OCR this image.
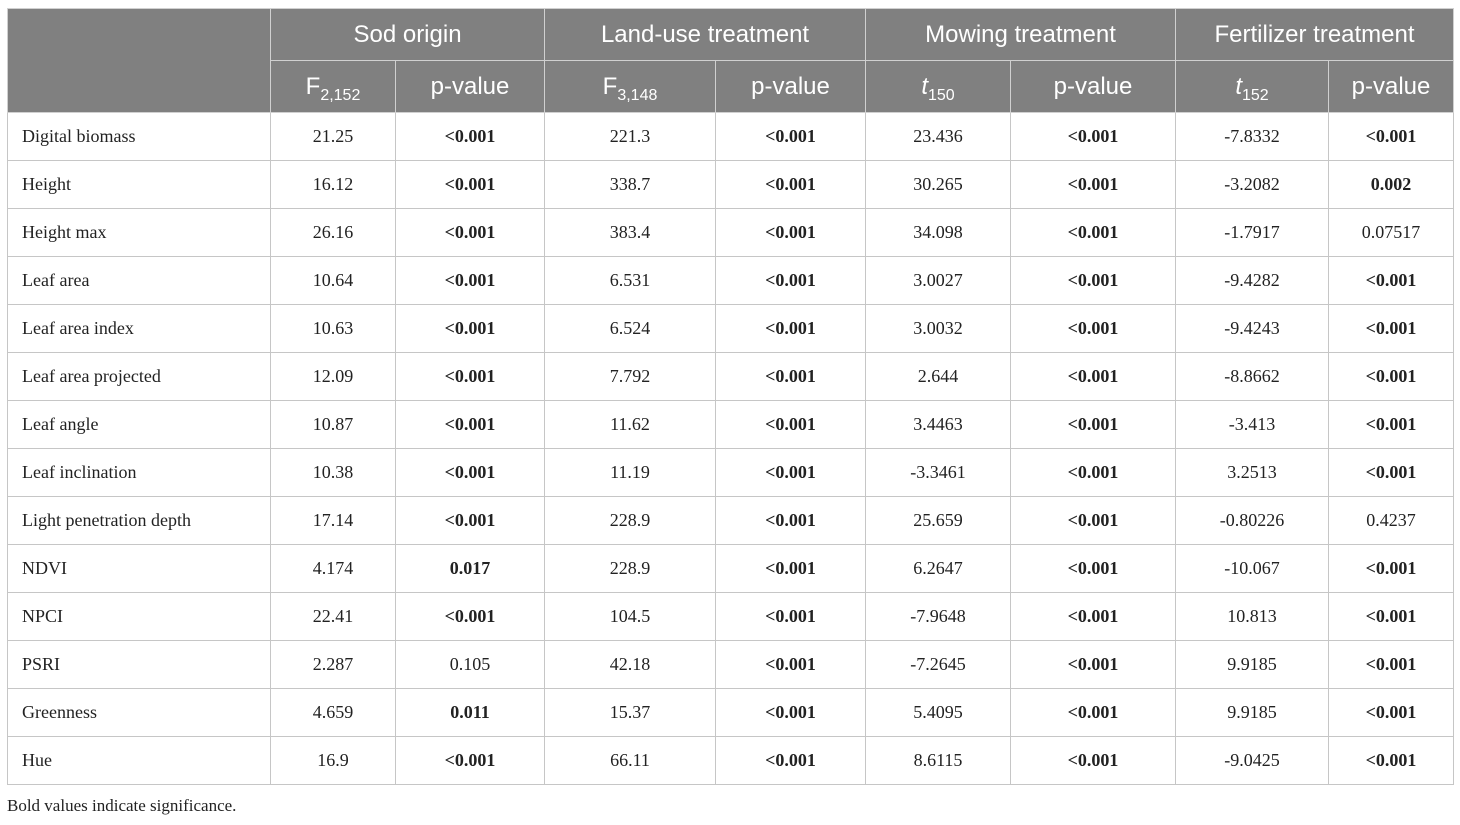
	Sod origin		Land-use treatment		Mowing treatment		Fertilizer treatment	
	$F_{2,152}$	p-value	$F_{3,148}$	p-value	$t_{150}$	p-value	$t_{152}$	p-value
Digital biomass	21.25	<0.001	221.3	<0.001	23.436	<0.001	-7.8332	<0.001
Height	16.12	<0.001	338.7	<0.001	30.265	<0.001	-3.2082	0.002
Height max	26.16	<0.001	383.4	<0.001	34.098	<0.001	-1.7917	0.07517
Leaf area	10.64	<0.001	6.531	<0.001	3.0027	<0.001	-9.4282	<0.001
Leaf area index	10.63	<0.001	6.524	<0.001	3.0032	<0.001	-9.4243	<0.001
Leaf area projected	12.09	<0.001	7.792	<0.001	2.644	<0.001	-8.8662	<0.001
Leaf angle	10.87	<0.001	11.62	<0.001	3.4463	<0.001	-3.413	<0.001
Leaf inclination	10.38	<0.001	11.19	<0.001	-3.3461	<0.001	3.2513	<0.001
Light penetration depth	17.14	<0.001	228.9	<0.001	25.659	<0.001	-0.80226	0.4237
NDVI	4.174	0.017	228.9	<0.001	6.2647	<0.001	-10.067	<0.001
NPCI	22.41	<0.001	104.5	<0.001	-7.9648	<0.001	10.813	<0.001
PSRI	2.287	0.105	42.18	<0.001	-7.2645	<0.001	9.9185	<0.001
Greenness	4.659	0.011	15.37	<0.001	5.4095	<0.001	9.9185	<0.001
Hue	16.9	<0.001	66.11	<0.001	8.6115	<0.001	-9.0425	<0.001
Bold values indicate significance.
